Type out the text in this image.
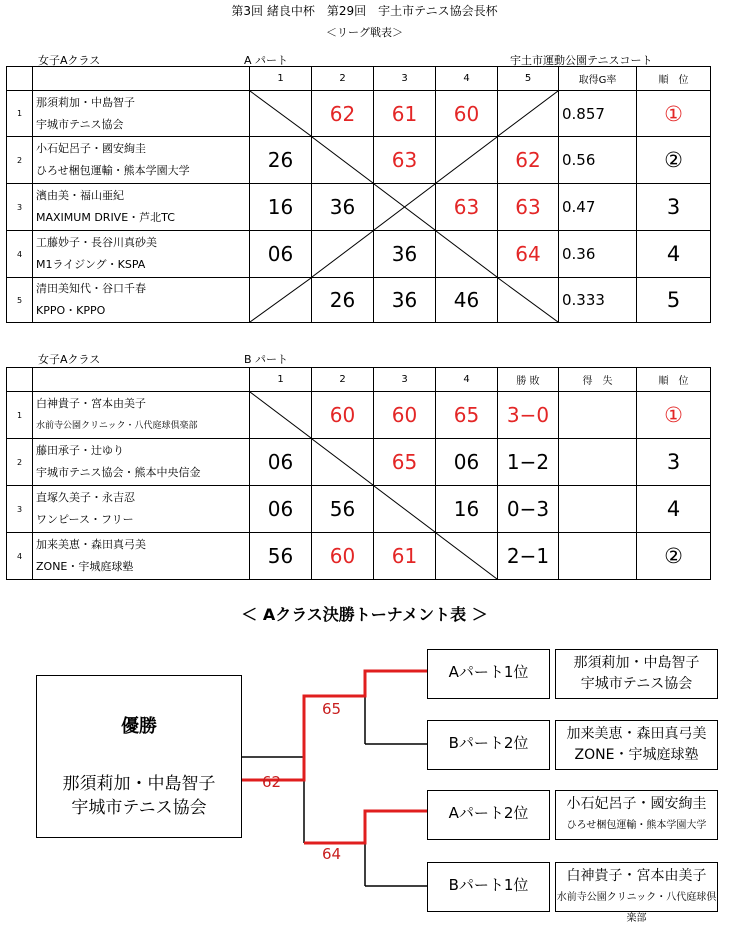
第3回 緒良中杯　第29回　宇土市テニス協会長杯
＜リーグ戦表＞
女子Aクラス	A パート	宇土市運動公園テニスコート
		1	2	3	4	5	取得G率	順　位
1	那須莉加・中島智子
宇城市テニス協会		62	61	60		0.857	①
2	小石妃呂子・國安絢圭
ひろせ梱包運輸・熊本学園大学	26		63		62	0.56	②
3	濱由美・福山亜紀
MAXIMUM DRIVE・芦北TC	16	36		63	63	0.47	3
4	工藤妙子・長谷川真砂美
M1ライジング・KSPA	06		36		64	0.36	4
5	清田美知代・谷口千春
KPPO・KPPO		26	36	46		0.333	5
女子Aクラス	B パート
		1	2	3	4	勝 敗	得　失	順　位
1	白神貴子・宮本由美子
水前寺公園クリニック・八代庭球倶楽部		60	60	65	3−0		①
2	藤田承子・辻ゆり
宇城市テニス協会・熊本中央信金	06		65	06	1−2		3
3	直塚久美子・永吉忍
ワンピース・フリー	06	56		16	0−3		4
4	加来美恵・森田真弓美
ZONE・宇城庭球塾	56	60	61		2−1		②
＜ Aクラス決勝トーナメント表 ＞
62
65
64
優勝
那須莉加・中島智子
宇城市テニス協会
Aパート1位	那須莉加・中島智子
宇城市テニス協会
Bパート2位	加来美恵・森田真弓美
ZONE・宇城庭球塾
Aパート2位	小石妃呂子・國安絢圭
ひろせ梱包運輸・熊本学園大学
Bパート1位	白神貴子・宮本由美子
水前寺公園クリニック・八代庭球倶楽部
